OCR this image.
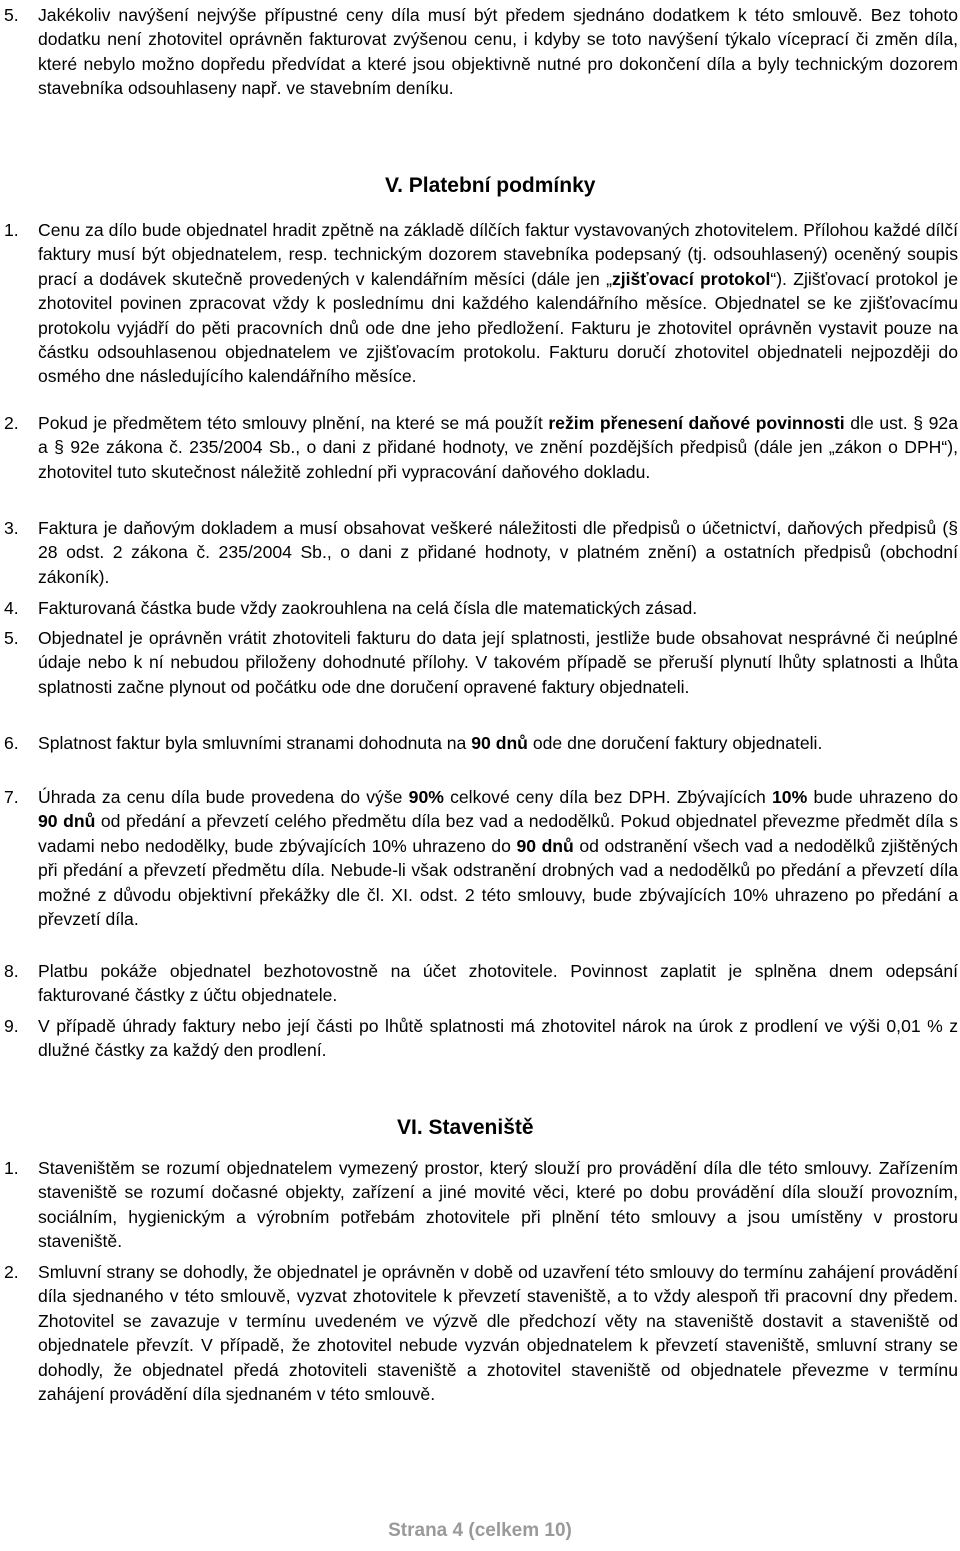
5. Jakékoliv navýšení nejvýše přípustné ceny díla musí být předem sjednáno dodatkem k této smlouvě. Bez tohoto dodatku není zhotovitel oprávněn fakturovat zvýšenou cenu, i kdyby se toto navýšení týkalo víceprací či změn díla, které nebylo možno dopředu předvídat a které jsou objektivně nutné pro dokončení díla a byly technickým dozorem stavebníka odsouhlaseny např. ve stavebním deníku.
V. Platební podmínky
1. Cenu za dílo bude objednatel hradit zpětně na základě dílčích faktur vystavovaných zhotovitelem. Přílohou každé dílčí faktury musí být objednatelem, resp. technickým dozorem stavebníka podepsaný (tj. odsouhlasený) oceněný soupis prací a dodávek skutečně provedených v kalendářním měsíci (dále jen „zjišťovací protokol“). Zjišťovací protokol je zhotovitel povinen zpracovat vždy k poslednímu dni každého kalendářního měsíce. Objednatel se ke zjišťovacímu protokolu vyjádří do pěti pracovních dnů ode dne jeho předložení. Fakturu je zhotovitel oprávněn vystavit pouze na částku odsouhlasenou objednatelem ve zjišťovacím protokolu. Fakturu doručí zhotovitel objednateli nejpozději do osmého dne následujícího kalendářního měsíce.
2. Pokud je předmětem této smlouvy plnění, na které se má použít režim přenesení daňové povinnosti dle ust. § 92a a § 92e zákona č. 235/2004 Sb., o dani z přidané hodnoty, ve znění pozdějších předpisů (dále jen „zákon o DPH“), zhotovitel tuto skutečnost náležitě zohlední při vypracování daňového dokladu.
3. Faktura je daňovým dokladem a musí obsahovat veškeré náležitosti dle předpisů o účetnictví, daňových předpisů (§ 28 odst. 2 zákona č. 235/2004 Sb., o dani z přidané hodnoty, v platném znění) a ostatních předpisů (obchodní zákoník).
4. Fakturovaná částka bude vždy zaokrouhlena na celá čísla dle matematických zásad.
5. Objednatel je oprávněn vrátit zhotoviteli fakturu do data její splatnosti, jestliže bude obsahovat nesprávné či neúplné údaje nebo k ní nebudou přiloženy dohodnuté přílohy. V takovém případě se přeruší plynutí lhůty splatnosti a lhůta splatnosti začne plynout od počátku ode dne doručení opravené faktury objednateli.
6. Splatnost faktur byla smluvními stranami dohodnuta na 90 dnů ode dne doručení faktury objednateli.
7. Úhrada za cenu díla bude provedena do výše 90% celkové ceny díla bez DPH. Zbývajících 10% bude uhrazeno do 90 dnů od předání a převzetí celého předmětu díla bez vad a nedodělků. Pokud objednatel převezme předmět díla s vadami nebo nedodělky, bude zbývajících 10% uhrazeno do 90 dnů od odstranění všech vad a nedodělků zjištěných při předání a převzetí předmětu díla. Nebude-li však odstranění drobných vad a nedodělků po předání a převzetí díla možné z důvodu objektivní překážky dle čl. XI. odst. 2 této smlouvy, bude zbývajících 10% uhrazeno po předání a převzetí díla.
8. Platbu pokáže objednatel bezhotovostně na účet zhotovitele. Povinnost zaplatit je splněna dnem odepsání fakturované částky z účtu objednatele.
9. V případě úhrady faktury nebo její části po lhůtě splatnosti má zhotovitel nárok na úrok z prodlení ve výši 0,01 % z dlužné částky za každý den prodlení.
VI. Staveniště
1. Staveništěm se rozumí objednatelem vymezený prostor, který slouží pro provádění díla dle této smlouvy. Zařízením staveniště se rozumí dočasné objekty, zařízení a jiné movité věci, které po dobu provádění díla slouží provozním, sociálním, hygienickým a výrobním potřebám zhotovitele při plnění této smlouvy a jsou umístěny v prostoru staveniště.
2. Smluvní strany se dohodly, že objednatel je oprávněn v době od uzavření této smlouvy do termínu zahájení provádění díla sjednaného v této smlouvě, vyzvat zhotovitele k převzetí staveniště, a to vždy alespoň tři pracovní dny předem. Zhotovitel se zavazuje v termínu uvedeném ve výzvě dle předchozí věty na staveniště dostavit a staveniště od objednatele převzít. V případě, že zhotovitel nebude vyzván objednatelem k převzetí staveniště, smluvní strany se dohodly, že objednatel předá zhotoviteli staveniště a zhotovitel staveniště od objednatele převezme v termínu zahájení provádění díla sjednaném v této smlouvě.
Strana 4 (celkem 10)
